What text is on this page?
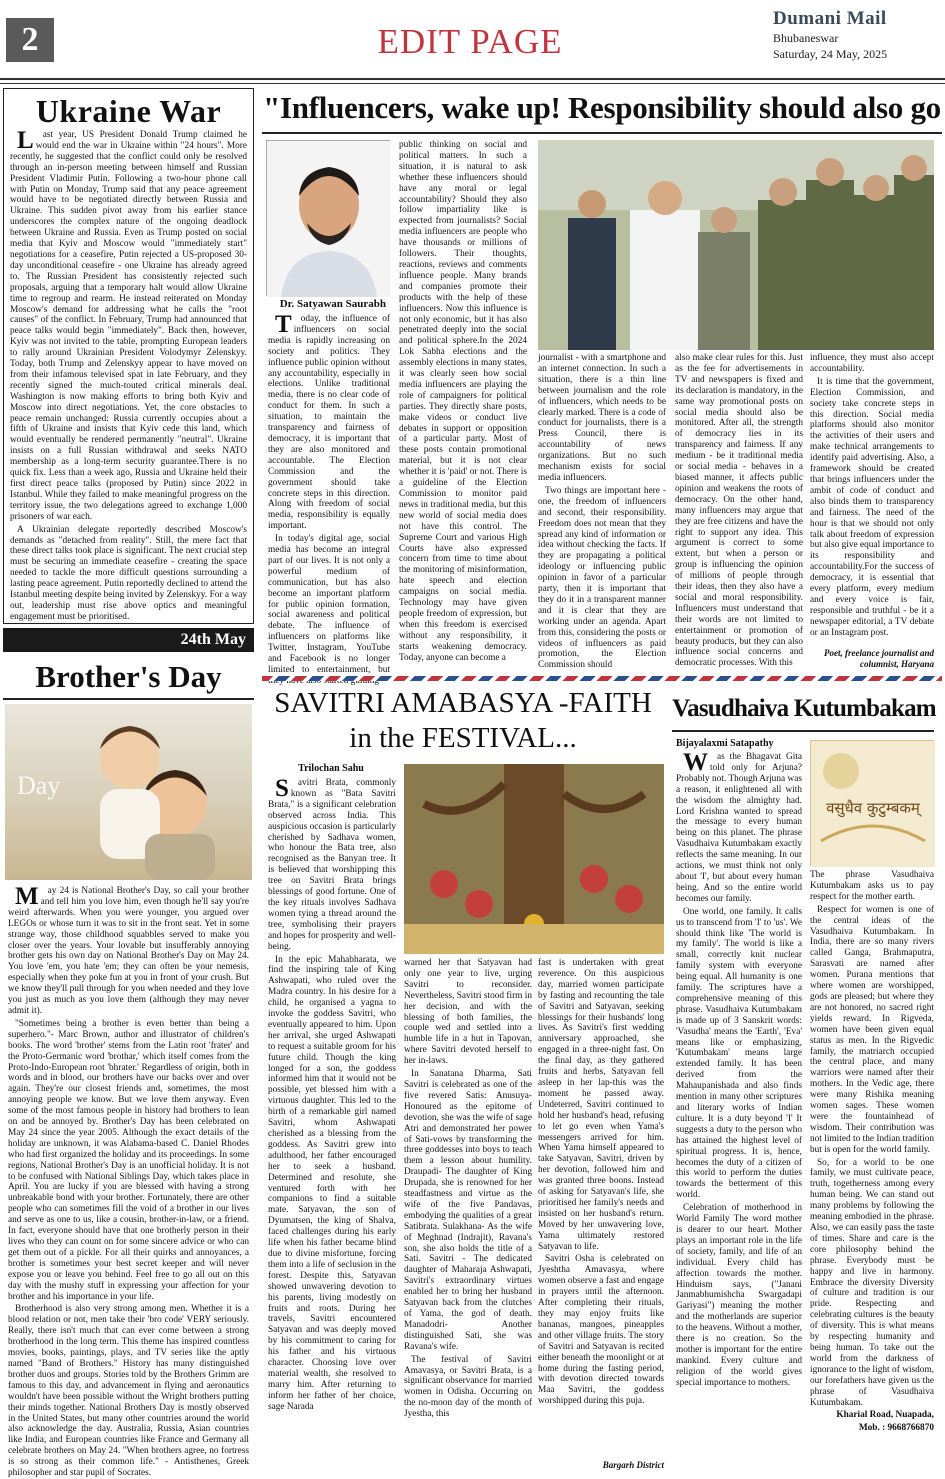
2	EDIT PAGE
Dumani Mail
Bhubaneswar
Saturday, 24 May, 2025
Ukraine War

Last year, US President Donald Trump claimed he would end the war in Ukraine within "24 hours". More recently, he suggested that the conflict could only be resolved through an in-person meeting between himself and Russian President Vladimir Putin. Following a two-hour phone call with Putin on Monday, Trump said that any peace agreement would have to be negotiated directly between Russia and Ukraine. This sudden pivot away from his earlier stance underscores the complex nature of the ongoing deadlock between Ukraine and Russia. Even as Trump posted on social media that Kyiv and Moscow would "immediately start" negotiations for a ceasefire, Putin rejected a US-proposed 30-day unconditional ceasefire - one Ukraine has already agreed to. The Russian President has consistently rejected such proposals, arguing that a temporary halt would allow Ukraine time to regroup and rearm. He instead reiterated on Monday Moscow's demand for addressing what he calls the "root causes" of the conflict. In February, Trump had announced that peace talks would begin "immediately". Back then, however, Kyiv was not invited to the table, prompting European leaders to rally around Ukrainian President Volodymyr Zelenskyy. Today, both Trump and Zelenskyy appear to have moved on from their infamous televised spat in late February, and they recently signed the much-touted critical minerals deal. Washington is now making efforts to bring both Kyiv and Moscow into direct negotiations. Yet, the core obstacles to peace remain unchanged: Russia currently occupies about a fifth of Ukraine and insists that Kyiv cede this land, which would eventually be rendered permanently "neutral". Ukraine insists on a full Russian withdrawal and seeks NATO membership as a long-term security guarantee.There is no quick fix. Less than a week ago, Russia and Ukraine held their first direct peace talks (proposed by Putin) since 2022 in Istanbul. While they failed to make meaningful progress on the territory issue, the two delegations agreed to exchange 1,000 prisoners of war each.

A Ukrainian delegate reportedly described Moscow's demands as "detached from reality". Still, the mere fact that these direct talks took place is significant. The next crucial step must be securing an immediate ceasefire - creating the space needed to tackle the more difficult questions surrounding a lasting peace agreement. Putin reportedly declined to attend the Istanbul meeting despite being invited by Zelenskyy. For a way out, leadership must rise above optics and meaningful engagement must be prioritised.

24th May
Brother's Day
Day

May 24 is National Brother's Day, so call your brother and tell him you love him, even though he'll say you're weird afterwards. When you were younger, you argued over LEGOs or whose turn it was to sit in the front seat. Yet in some strange way, those childhood squabbles served to make you closer over the years. Your lovable but insufferably annoying brother gets his own day on National Brother's Day on May 24. You love 'em, you hate 'em; they can often be your nemesis, especially when they poke fun at you in front of your crush. But we know they'll pull through for you when needed and they love you just as much as you love them (although they may never admit it).

"Sometimes being a brother is even better than being a superhero."- Marc Brown, author and illustrator of children's books. The word 'brother' stems from the Latin root 'frater' and the Proto-Germanic word 'brothar,' which itself comes from the Proto-Indo-European root 'bhrater.' Regardless of origin, both in words and in blood, our brothers have our backs over and over again. They're our closest friends and, sometimes, the most annoying people we know. But we love them anyway. Even some of the most famous people in history had brothers to lean on and be annoyed by. Brother's Day has been celebrated on May 24 since the year 2005. Although the exact details of the holiday are unknown, it was Alabama-based C. Daniel Rhodes who had first organized the holiday and its proceedings. In some regions, National Brother's Day is an unofficial holiday. It is not to be confused with National Siblings Day, which takes place in April. You are lucky if you are blessed with having a strong unbreakable bond with your brother. Fortunately, there are other people who can sometimes fill the void of a brother in our lives and serve as one to us, like a cousin, brother-in-law, or a friend. In fact, everyone should have that one brotherly person in their lives who they can count on for some sincere advice or who can get them out of a pickle. For all their quirks and annoyances, a brother is sometimes your best secret keeper and will never expose you or leave you behind. Feel free to go all out on this day with the mushy stuff in expressing your affection for your brother and his importance in your life.

Brotherhood is also very strong among men. Whether it is a blood relation or not, men take their 'bro code' VERY seriously. Really, there isn't much that can ever come between a strong brotherhood in the long term. This theme has inspired countless movies, books, paintings, plays, and TV series like the aptly named "Band of Brothers." History has many distinguished brother duos and groups. Stories told by the Brothers Grimm are famous to this day, and advancement in flying and aeronautics wouldn't have been possible without the Wright brothers putting their minds together. National Brothers Day is mostly observed in the United States, but many other countries around the world also acknowledge the day. Australia, Russia, Asian countries like India, and European countries like France and Germany all celebrate brothers on May 24. "When brothers agree, no fortress is so strong as their common life." - Antisthenes, Greek philosopher and star pupil of Socrates.

"Influencers, wake up! Responsibility should also go
Dr. Satyawan Saurabh

Today, the influence of influencers on social media is rapidly increasing on society and politics. They influence public opinion without any accountability, especially in elections. Unlike traditional media, there is no clear code of conduct for them. In such a situation, to maintain the transparency and fairness of democracy, it is important that they are also monitored and accountable. The Election Commission and the government should take concrete steps in this direction. Along with freedom of social media, responsibility is equally important.

In today's digital age, social media has become an integral part of our lives. It is not only a powerful medium of communication, but has also become an important platform for public opinion formation, social awareness and political debate. The influence of influencers on platforms like Twitter, Instagram, YouTube and Facebook is no longer limited to entertainment, but

public thinking on social and political matters. In such a situation, it is natural to ask whether these influencers should have any moral or legal accountability? Should they also follow impartiality like is expected from journalists? Social media influencers are people who have thousands or millions of followers. Their thoughts, reactions, reviews and comments influence people. Many brands and companies promote their products with the help of these influencers. Now this influence is not only economic, but it has also penetrated deeply into the social and political sphere.In the 2024 Lok Sabha elections and the assembly elections in many states, it was clearly seen how social media influencers are playing the role of campaigners for political parties. They directly share posts, make videos or conduct live debates in support or opposition of a particular party. Most of these posts contain promotional material, but it is not clear whether it is 'paid' or not. There is a guideline of the Election Commission to monitor paid news in traditional media, but this new world of social media does not have this control. The Supreme Court and various High Courts have also expressed concern from time to time about the monitoring of misinformation, hate speech and election campaigns on social media. Technology may have given people freedom of expression, but when this freedom is exercised without any responsibility, it starts weakening democracy. Today, anyone can become a

journalist - with a smartphone and an internet connection. In such a situation, there is a thin line between journalism and the role of influencers, which needs to be clearly marked. There is a code of conduct for journalists, there is a Press Council, there is accountability of news organizations. But no such mechanism exists for social media influencers.

Two things are important here - one, the freedom of influencers and second, their responsibility. Freedom does not mean that they spread any kind of information or idea without checking the facts. If they are propagating a political ideology or influencing public opinion in favor of a particular party, then it is important that they do it in a transparent manner and it is clear that they are working under an agenda. Apart from this, considering the posts or videos of influencers as paid promotion, the Election Commission should

also make clear rules for this. Just as the fee for advertisements in TV and newspapers is fixed and its declaration is mandatory, in the same way promotional posts on social media should also be monitored. After all, the strength of democracy lies in its transparency and fairness. If any medium - be it traditional media or social media - behaves in a biased manner, it affects public opinion and weakens the roots of democracy. On the other hand, many influencers may argue that they are free citizens and have the right to support any idea. This argument is correct to some extent, but when a person or group is influencing the opinion of millions of people through their ideas, then they also have a social and moral responsibility. Influencers must understand that their words are not limited to entertainment or promotion of beauty products, but they can also influence social concerns and democratic processes. With this

influence, they must also accept accountability.

It is time that the government, Election Commission, and society take concrete steps in this direction. Social media platforms should also monitor the activities of their users and make technical arrangements to identify paid advertising. Also, a framework should be created that brings influencers under the ambit of code of conduct and also binds them to transparency and fairness. The need of the hour is that we should not only talk about freedom of expression but also give equal importance to its responsibility and accountability.For the success of democracy, it is essential that every platform, every medium and every voice is fair, responsible and truthful - be it a newspaper editorial, a TV debate or an Instagram post.

Poet, freelance journalist and columnist, Haryana
SAVITRI AMABASYA -FAITH
in the FESTIVAL...
Trilochan Sahu

Savitri Brata, commonly known as "Bata Savitri Brata," is a significant celebration observed across India. This auspicious occasion is particularly cherished by Sadhava women, who honour the Bata tree, also recognised as the Banyan tree. It is believed that worshipping this tree on Savitri Brata brings blessings of good fortune. One of the key rituals involves Sadhava women tying a thread around the tree, symbolising their prayers and hopes for prosperity and well-being.

In the epic Mahabharata, we find the inspiring tale of King Ashwapati, who ruled over the Madra country. In his desire for a child, he organised a yagna to invoke the goddess Savitri, who eventually appeared to him. Upon her arrival, she urged Ashwapati to request a suitable groom for his future child. Though the king longed for a son, the goddess informed him that it would not be possible, yet blessed him with a virtuous daughter. This led to the birth of a remarkable girl named Savitri, whom Ashwapati cherished as a blessing from the goddess. As Savitri grew into adulthood, her father encouraged her to seek a husband. Determined and resolute, she ventured forth with her companions to find a suitable mate. Satyavan, the son of Dyumatsen, the king of Shalva, faced challenges during his early life when his father became blind due to divine misfortune, forcing them into a life of seclusion in the forest. Despite this, Satyavan showed unwavering devotion to his parents, living modestly on fruits and roots. During her travels, Savitri encountered Satyavan and was deeply moved by his commitment to caring for his father and his virtuous character. Choosing love over material wealth, she resolved to marry him. After returning to inform her father of her choice, sage Narada

warned her that Satyavan had only one year to live, urging Savitri to reconsider. Nevertheless, Savitri stood firm in her decision, and with the blessing of both families, the couple wed and settled into a humble life in a hut in Tapovan, where Savitri devoted herself to her in-laws.

In Sanatana Dharma, Sati Savitri is celebrated as one of the five revered Satis: Anusuya- Honoured as the epitome of devotion, she was the wife of sage Atri and demonstrated her power of Sati-vows by transforming the three goddesses into boys to teach them a lesson about humility. Draupadi- The daughter of King Drupada, she is renowned for her steadfastness and virtue as the wife of the five Pandavas, embodying the qualities of a great Satibrata. Sulakhana- As the wife of Meghnad (Indrajit), Ravana's son, she also holds the title of a Sati. Savitri - The dedicated daughter of Maharaja Ashwapati, Savitri's extraordinary virtues enabled her to bring her husband Satyavan back from the clutches of Yama, the god of death. Manadodri- Another distinguished Sati, she was Ravana's wife.

The festival of Savitri Amavasya, or Savitri Brata, is a significant observance for married women in Odisha. Occurring on the no-moon day of the month of Jyestha, this

fast is undertaken with great reverence. On this auspicious day, married women participate by fasting and recounting the tale of Savitri and Satyavan, seeking blessings for their husbands' long lives. As Savitri's first wedding anniversary approached, she engaged in a three-night fast. On the final day, as they gathered fruits and herbs, Satyavan fell asleep in her lap-this was the moment he passed away. Undeterred, Savitri continued to hold her husband's head, refusing to let go even when Yama's messengers arrived for him. When Yama himself appeared to take Satyavan, Savitri, driven by her devotion, followed him and was granted three boons. Instead of asking for Satyavan's life, she prioritised her family's needs and insisted on her husband's return. Moved by her unwavering love, Yama ultimately restored Satyavan to life.

Savitri Osha is celebrated on Jyeshtha Amavasya, where women observe a fast and engage in prayers until the afternoon. After completing their rituals, they may enjoy fruits like bananas, mangoes, pineapples and other village fruits. The story of Savitri and Satyavan is recited either beneath the moonlight or at home during the fasting period, with devotion directed towards Maa Savitri, the goddess worshipped during this puja.

Bargarh District
Vasudhaiva Kutumbakam
Bijayalaxmi Satapathy

Was the Bhagavat Gita told only for Arjuna? Probably not. Though Arjuna was a reason, it enlightened all with the wisdom the almighty had. Lord Krishna wanted to spread the message to every human being on this planet. The phrase Vasudhaiva Kutumbakam exactly reflects the same meaning. In our actions, we must think not only about 'I', but about every human being. And so the entire world becomes our family.

One world, one family. It calls us to transcend from 'I' to 'us'. We should think like 'The world is my family'. The world is like a small, correctly knit nuclear family system with everyone being equal. All humanity is one family. The scriptures have a comprehensive meaning of this phrase. Vasudhaiva Kutumbakam is made up of 3 Sanskrit words: 'Vasudha' means the 'Earth', 'Eva' means like or emphasizing, 'Kutumbakam' means large extended family. It has been derived from the Mahaupanishada and also finds mention in many other scriptures and literary works of Indian culture. It is a duty beyond 'I' It suggests a duty to the person who has attained the highest level of spiritual progress. It is, hence, becomes the duty of a citizen of this world to perform the duties towards the betterment of this world.

Celebration of motherhood in World Family The word mother is dearer to our heart. Mother plays an important role in the life of society, family, and life of an individual. Every child has affection towards the mother. Hinduism says, ("Janani Janmabhumishcha Swargadapi Gariyasi") meaning the mother and the motherlands are superior to the heavens. Without a mother, there is no creation. So the mother is important for the entire mankind. Every culture and religion of the world gives special importance to mothers.

वसुधैव कुटुम्बकम्

The phrase Vasudhaiva Kutumbakam asks us to pay respect for the mother earth.

Respect for women is one of the central ideas of the Vasudhaiva Kutumbakam. In India, there are so many rivers called Ganga, Brahmaputra, Sarasvati are named after women. Purana mentions that where women are worshipped, gods are pleased; but where they are not honored, no sacred right yields reward. In Rigveda, women have been given equal status as men. In the Rigvedic family, the matriarch occupied the central place, and many warriors were named after their mothers. In the Vedic age, there were many Rishika meaning women sages. These women were the fountainhead of wisdom. Their contribution was not limited to the Indian tradition but is open for the world family.

So, for a world to be one family, we must cultivate peace, truth, togetherness among every human being. We can stand out many problems by following the meaning embodied in the phrase. Also, we can easily pass the taste of times. Share and care is the core philosophy behind the phrase. Everybody must be happy and live in harmony. Embrace the diversity Diversity of culture and tradition is our pride. Respecting and celebrating cultures is the beauty of diversity. This is what means by respecting humanity and being human. To take out the world from the darkness of ignorance to the light of wisdom, our forefathers have given us the phrase of Vasudhaiva Kutumbakam.

Kharial Road, Nuapada,

Mob. : 9668766870
